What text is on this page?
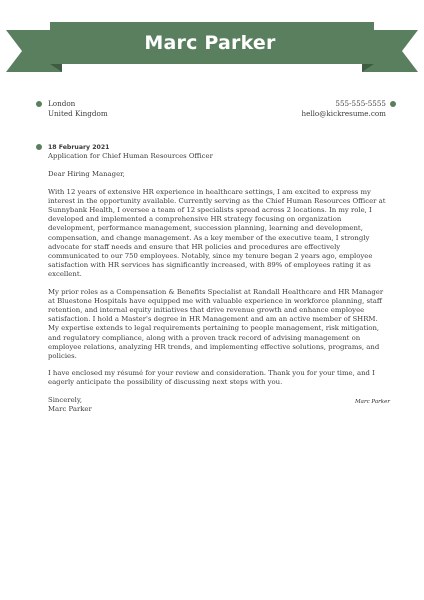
Marc Parker
London
United Kingdom
555-555-5555
hello@kickresume.com
18 February 2021
Application for Chief Human Resources Officer

Dear Hiring Manager,

With 12 years of extensive HR experience in healthcare settings, I am excited to express my interest in the opportunity available. Currently serving as the Chief Human Resources Officer at Sunnybank Health, I oversee a team of 12 specialists spread across 2 locations. In my role, I developed and implemented a comprehensive HR strategy focusing on organization development, performance management, succession planning, learning and development, compensation, and change management. As a key member of the executive team, I strongly advocate for staff needs and ensure that HR policies and procedures are effectively communicated to our 750 employees. Notably, since my tenure began 2 years ago, employee satisfaction with HR services has significantly increased, with 89% of employees rating it as excellent.

My prior roles as a Compensation & Benefits Specialist at Randall Healthcare and HR Manager at Bluestone Hospitals have equipped me with valuable experience in workforce planning, staff retention, and internal equity initiatives that drive revenue growth and enhance employee satisfaction. I hold a Master's degree in HR Management and am an active member of SHRM. My expertise extends to legal requirements pertaining to people management, risk mitigation, and regulatory compliance, along with a proven track record of advising management on employee relations, analyzing HR trends, and implementing effective solutions, programs, and policies.

I have enclosed my résumé for your review and consideration. Thank you for your time, and I eagerly anticipate the possibility of discussing next steps with you.

Sincerely,
Marc Parker
Marc Parker
